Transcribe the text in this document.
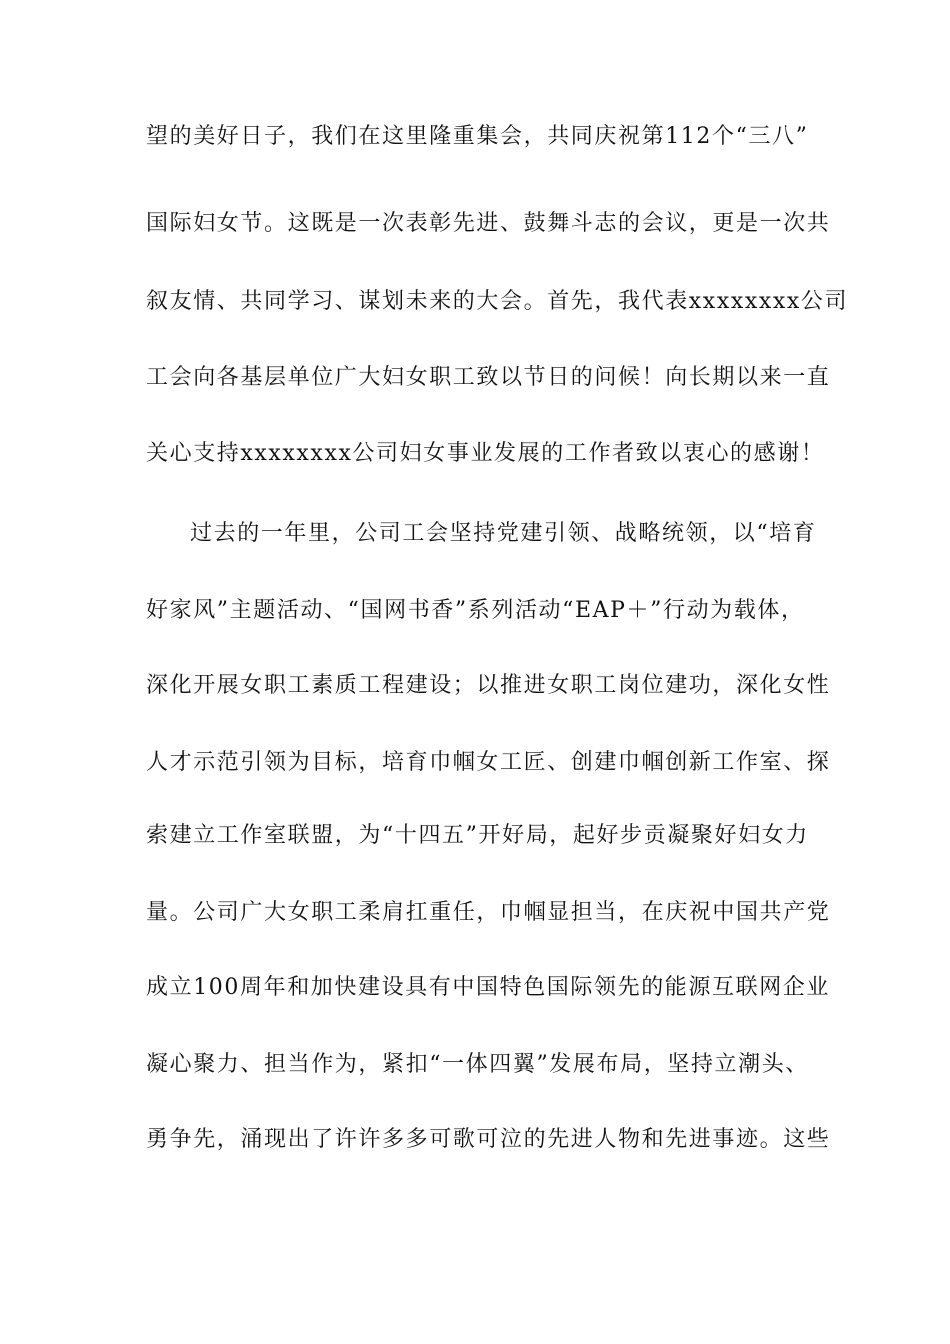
望的美好日子，我们在这里隆重集会，共同庆祝第112个“三八”
国际妇女节。这既是一次表彰先进、鼓舞斗志的会议，更是一次共
叙友情、共同学习、谋划未来的大会。首先，我代表xxxxxxxx公司
工会向各基层单位广大妇女职工致以节日的问候！向长期以来一直
关心支持xxxxxxxx公司妇女事业发展的工作者致以衷心的感谢！
过去的一年里，公司工会坚持党建引领、战略统领，以“培育
好家风”主题活动、“国网书香”系列活动“EAP＋”行动为载体，
深化开展女职工素质工程建设；以推进女职工岗位建功，深化女性
人才示范引领为目标，培育巾帼女工匠、创建巾帼创新工作室、探
索建立工作室联盟，为“十四五”开好局，起好步贡凝聚好妇女力
量。公司广大女职工柔肩扛重任，巾帼显担当，在庆祝中国共产党
成立100周年和加快建设具有中国特色国际领先的能源互联网企业
凝心聚力、担当作为，紧扣“一体四翼”发展布局，坚持立潮头、
勇争先，涌现出了许许多多可歌可泣的先进人物和先进事迹。这些
